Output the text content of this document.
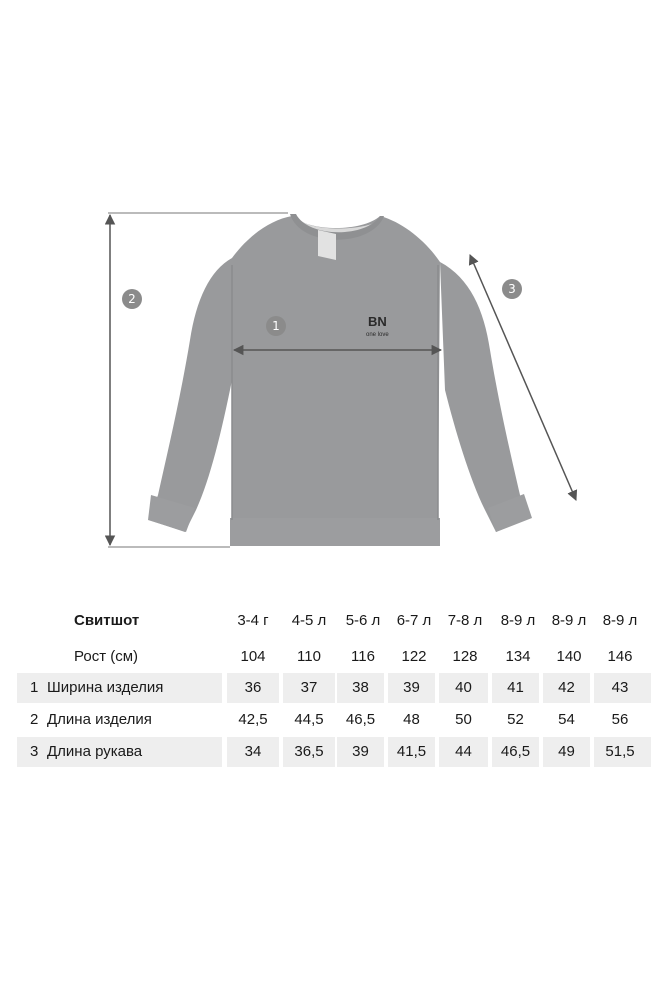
BN
one love
1
2
3
Свитшот	3-4 г	4-5 л	5-6 л	6-7 л	7-8 л	8-9 л	8-9 л	8-9 л
Рост (см)	104	110	116	122	128	134	140	146
1 Ширина изделия	36	37	38	39	40	41	42	43
2 Длина изделия	42,5	44,5	46,5	48	50	52	54	56
3 Длина рукава	34	36,5	39	41,5	44	46,5	49	51,5
